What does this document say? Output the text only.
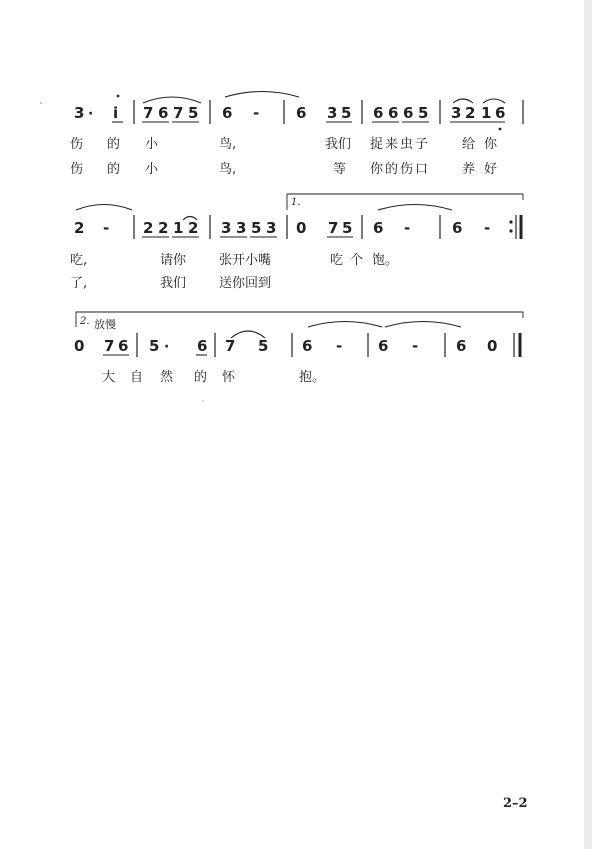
3 · i 7 6 7 5 6 - 6 3 5 6 6 6 5 3 2 1 6
伤 的 小	鸟,	我们 捉来虫子 给 你
伤 的 小	鸟,	等 你的伤口 养 好
1.
2 - 2 2 1 2 3 3 5 3 0 7 5 6 -	6 -
吃,	请你	张开小嘴	吃 个 饱。
了,	我们	送你回到
2. 放慢
0 7 6 5 · 6 7 5 6 - 6 -	6 0
大 自 然 的 怀	抱。
2–2
